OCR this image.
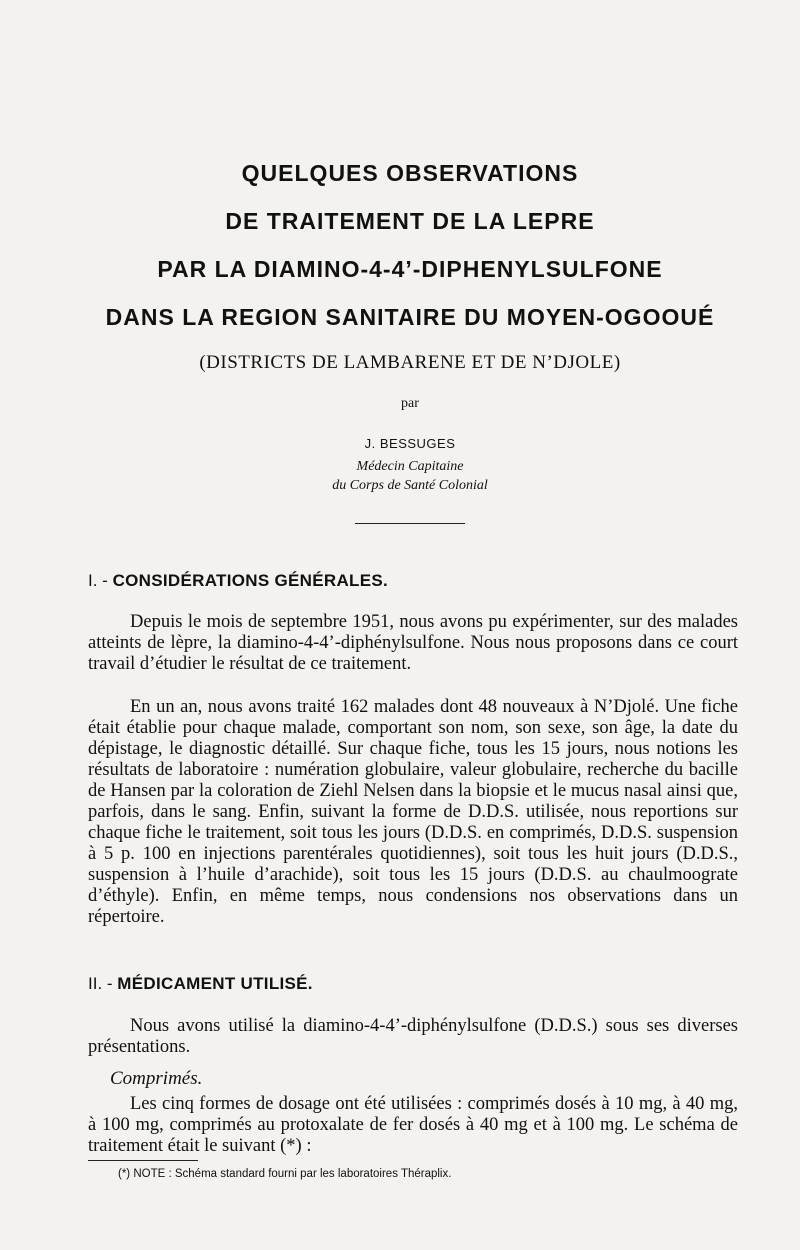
QUELQUES OBSERVATIONS
DE TRAITEMENT DE LA LEPRE
PAR LA DIAMINO-4-4’-DIPHENYLSULFONE
DANS LA REGION SANITAIRE DU MOYEN-OGOOUÉ
(DISTRICTS DE LAMBARENE ET DE N’DJOLE)
par
J. BESSUGES
Médecin Capitaine
du Corps de Santé Colonial
I. - CONSIDÉRATIONS GÉNÉRALES.
Depuis le mois de septembre 1951, nous avons pu expérimenter, sur des malades atteints de lèpre, la diamino-4-4’-diphénylsulfone. Nous nous proposons dans ce court travail d’étudier le résultat de ce traitement.
En un an, nous avons traité 162 malades dont 48 nouveaux à N’Djolé. Une fiche était établie pour chaque malade, comportant son nom, son sexe, son âge, la date du dépistage, le diagnostic détaillé. Sur chaque fiche, tous les 15 jours, nous notions les résultats de laboratoire : numération globulaire, valeur globulaire, recherche du bacille de Hansen par la coloration de Ziehl Nelsen dans la biopsie et le mucus nasal ainsi que, parfois, dans le sang. Enfin, suivant la forme de D.D.S. utilisée, nous reportions sur chaque fiche le traitement, soit tous les jours (D.D.S. en comprimés, D.D.S. suspension à 5 p. 100 en injections parentérales quotidiennes), soit tous les huit jours (D.D.S., suspension à l’huile d’arachide), soit tous les 15 jours (D.D.S. au chaulmoograte d’éthyle). Enfin, en même temps, nous condensions nos observations dans un répertoire.
II. - MÉDICAMENT UTILISÉ.
Nous avons utilisé la diamino-4-4’-diphénylsulfone (D.D.S.) sous ses diverses présentations.
Comprimés.
Les cinq formes de dosage ont été utilisées : comprimés dosés à 10 mg, à 40 mg, à 100 mg, comprimés au protoxalate de fer dosés à 40 mg et à 100 mg. Le schéma de traitement était le suivant (*) :
(*) NOTE : Schéma standard fourni par les laboratoires Théraplix.
